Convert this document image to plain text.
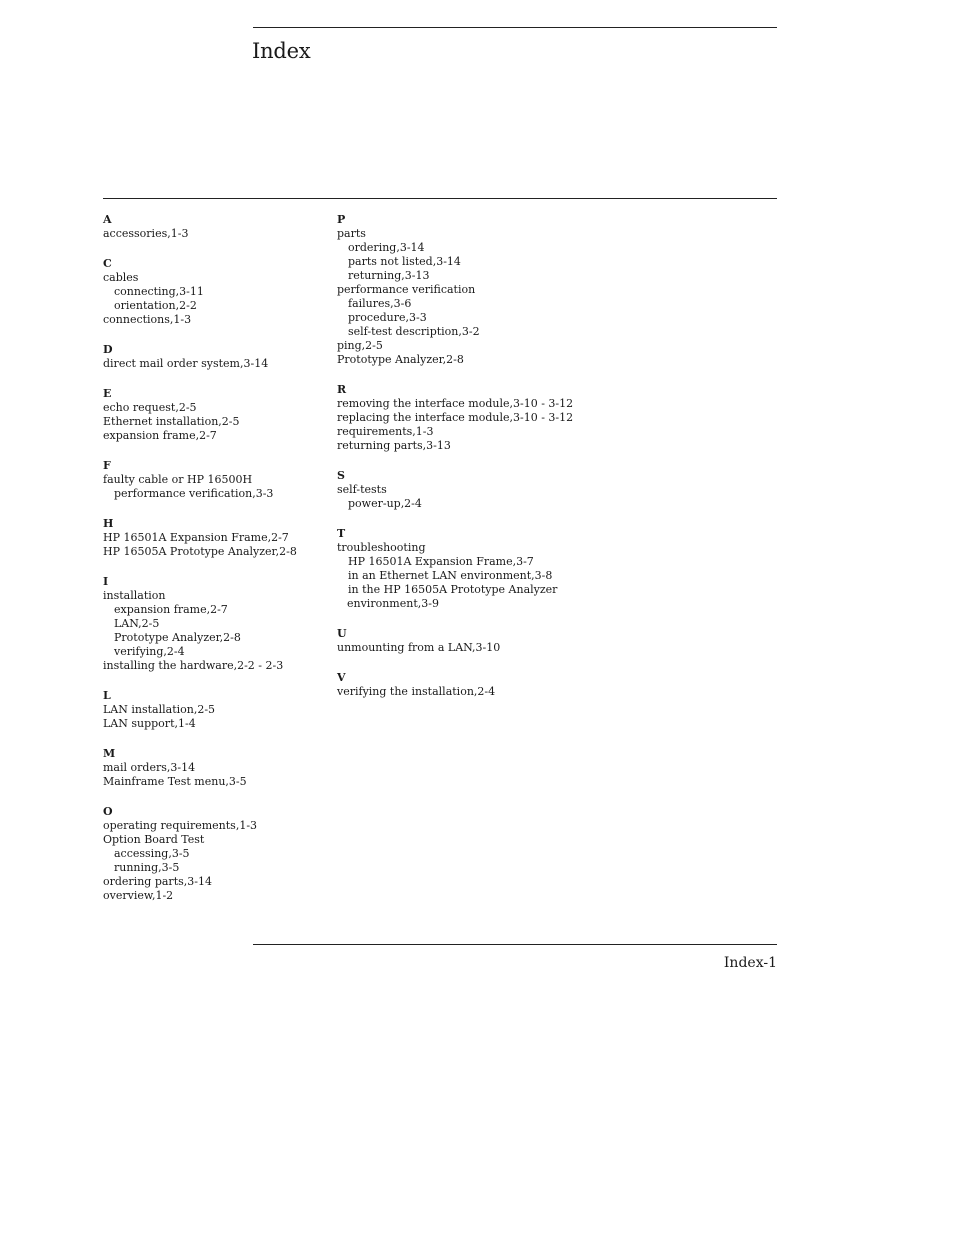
Index
A
accessories,1-3
C
cables
connecting,3-11
orientation,2-2
connections,1-3
D
direct mail order system,3-14
E
echo request,2-5
Ethernet installation,2-5
expansion frame,2-7
F
faulty cable or HP 16500H
performance verification,3-3
H
HP 16501A Expansion Frame,2-7
HP 16505A Prototype Analyzer,2-8
I
installation
expansion frame,2-7
LAN,2-5
Prototype Analyzer,2-8
verifying,2-4
installing the hardware,2-2 - 2-3
L
LAN installation,2-5
LAN support,1-4
M
mail orders,3-14
Mainframe Test menu,3-5
O
operating requirements,1-3
Option Board Test
accessing,3-5
running,3-5
ordering parts,3-14
overview,1-2
P
parts
ordering,3-14
parts not listed,3-14
returning,3-13
performance verification
failures,3-6
procedure,3-3
self-test description,3-2
ping,2-5
Prototype Analyzer,2-8
R
removing the interface module,3-10 - 3-12
replacing the interface module,3-10 - 3-12
requirements,1-3
returning parts,3-13
S
self-tests
power-up,2-4
T
troubleshooting
HP 16501A Expansion Frame,3-7
in an Ethernet LAN environment,3-8
in the HP 16505A Prototype Analyzer
environment,3-9
U
unmounting from a LAN,3-10
V
verifying the installation,2-4
Index-1
